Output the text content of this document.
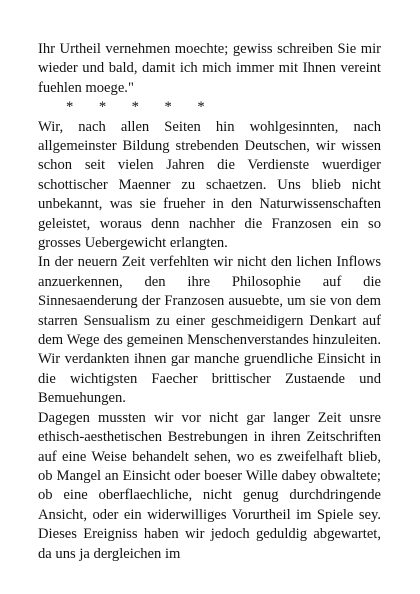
Ihr Urtheil vernehmen moechte; gewiss schreiben Sie mir wieder und bald, damit ich mich immer mit Ihnen vereint fuehlen moege."

*       *       *       *       *

Wir, nach allen Seiten hin wohlgesinnten, nach allgemeinster Bildung strebenden Deutschen, wir wissen schon seit vielen Jahren die Verdienste wuerdiger schottischer Maenner zu schaetzen. Uns blieb nicht unbekannt, was sie frueher in den Naturwissenschaften geleistet, woraus denn nachher die Franzosen ein so grosses Uebergewicht erlangten.

In der neuern Zeit verfehlten wir nicht den lichen Inflows anzuerkennen, den ihre Philosophie auf die Sinnesaenderung der Franzosen ausuebte, um sie von dem starren Sensualism zu einer geschmeidigern Denkart auf dem Wege des gemeinen Menschenverstandes hinzuleiten. Wir verdankten ihnen gar manche gruendliche Einsicht in die wichtigsten Faecher brittischer Zustaende und Bemuehungen.

Dagegen mussten wir vor nicht gar langer Zeit unsre ethisch-aesthetischen Bestrebungen in ihren Zeitschriften auf eine Weise behandelt sehen, wo es zweifelhaft blieb, ob Mangel an Einsicht oder boeser Wille dabey obwaltete; ob eine oberflaechliche, nicht genug durchdringende Ansicht, oder ein widerwilliges Vorurtheil im Spiele sey. Dieses Ereigniss haben wir jedoch geduldig abgewartet, da uns ja dergleichen im
